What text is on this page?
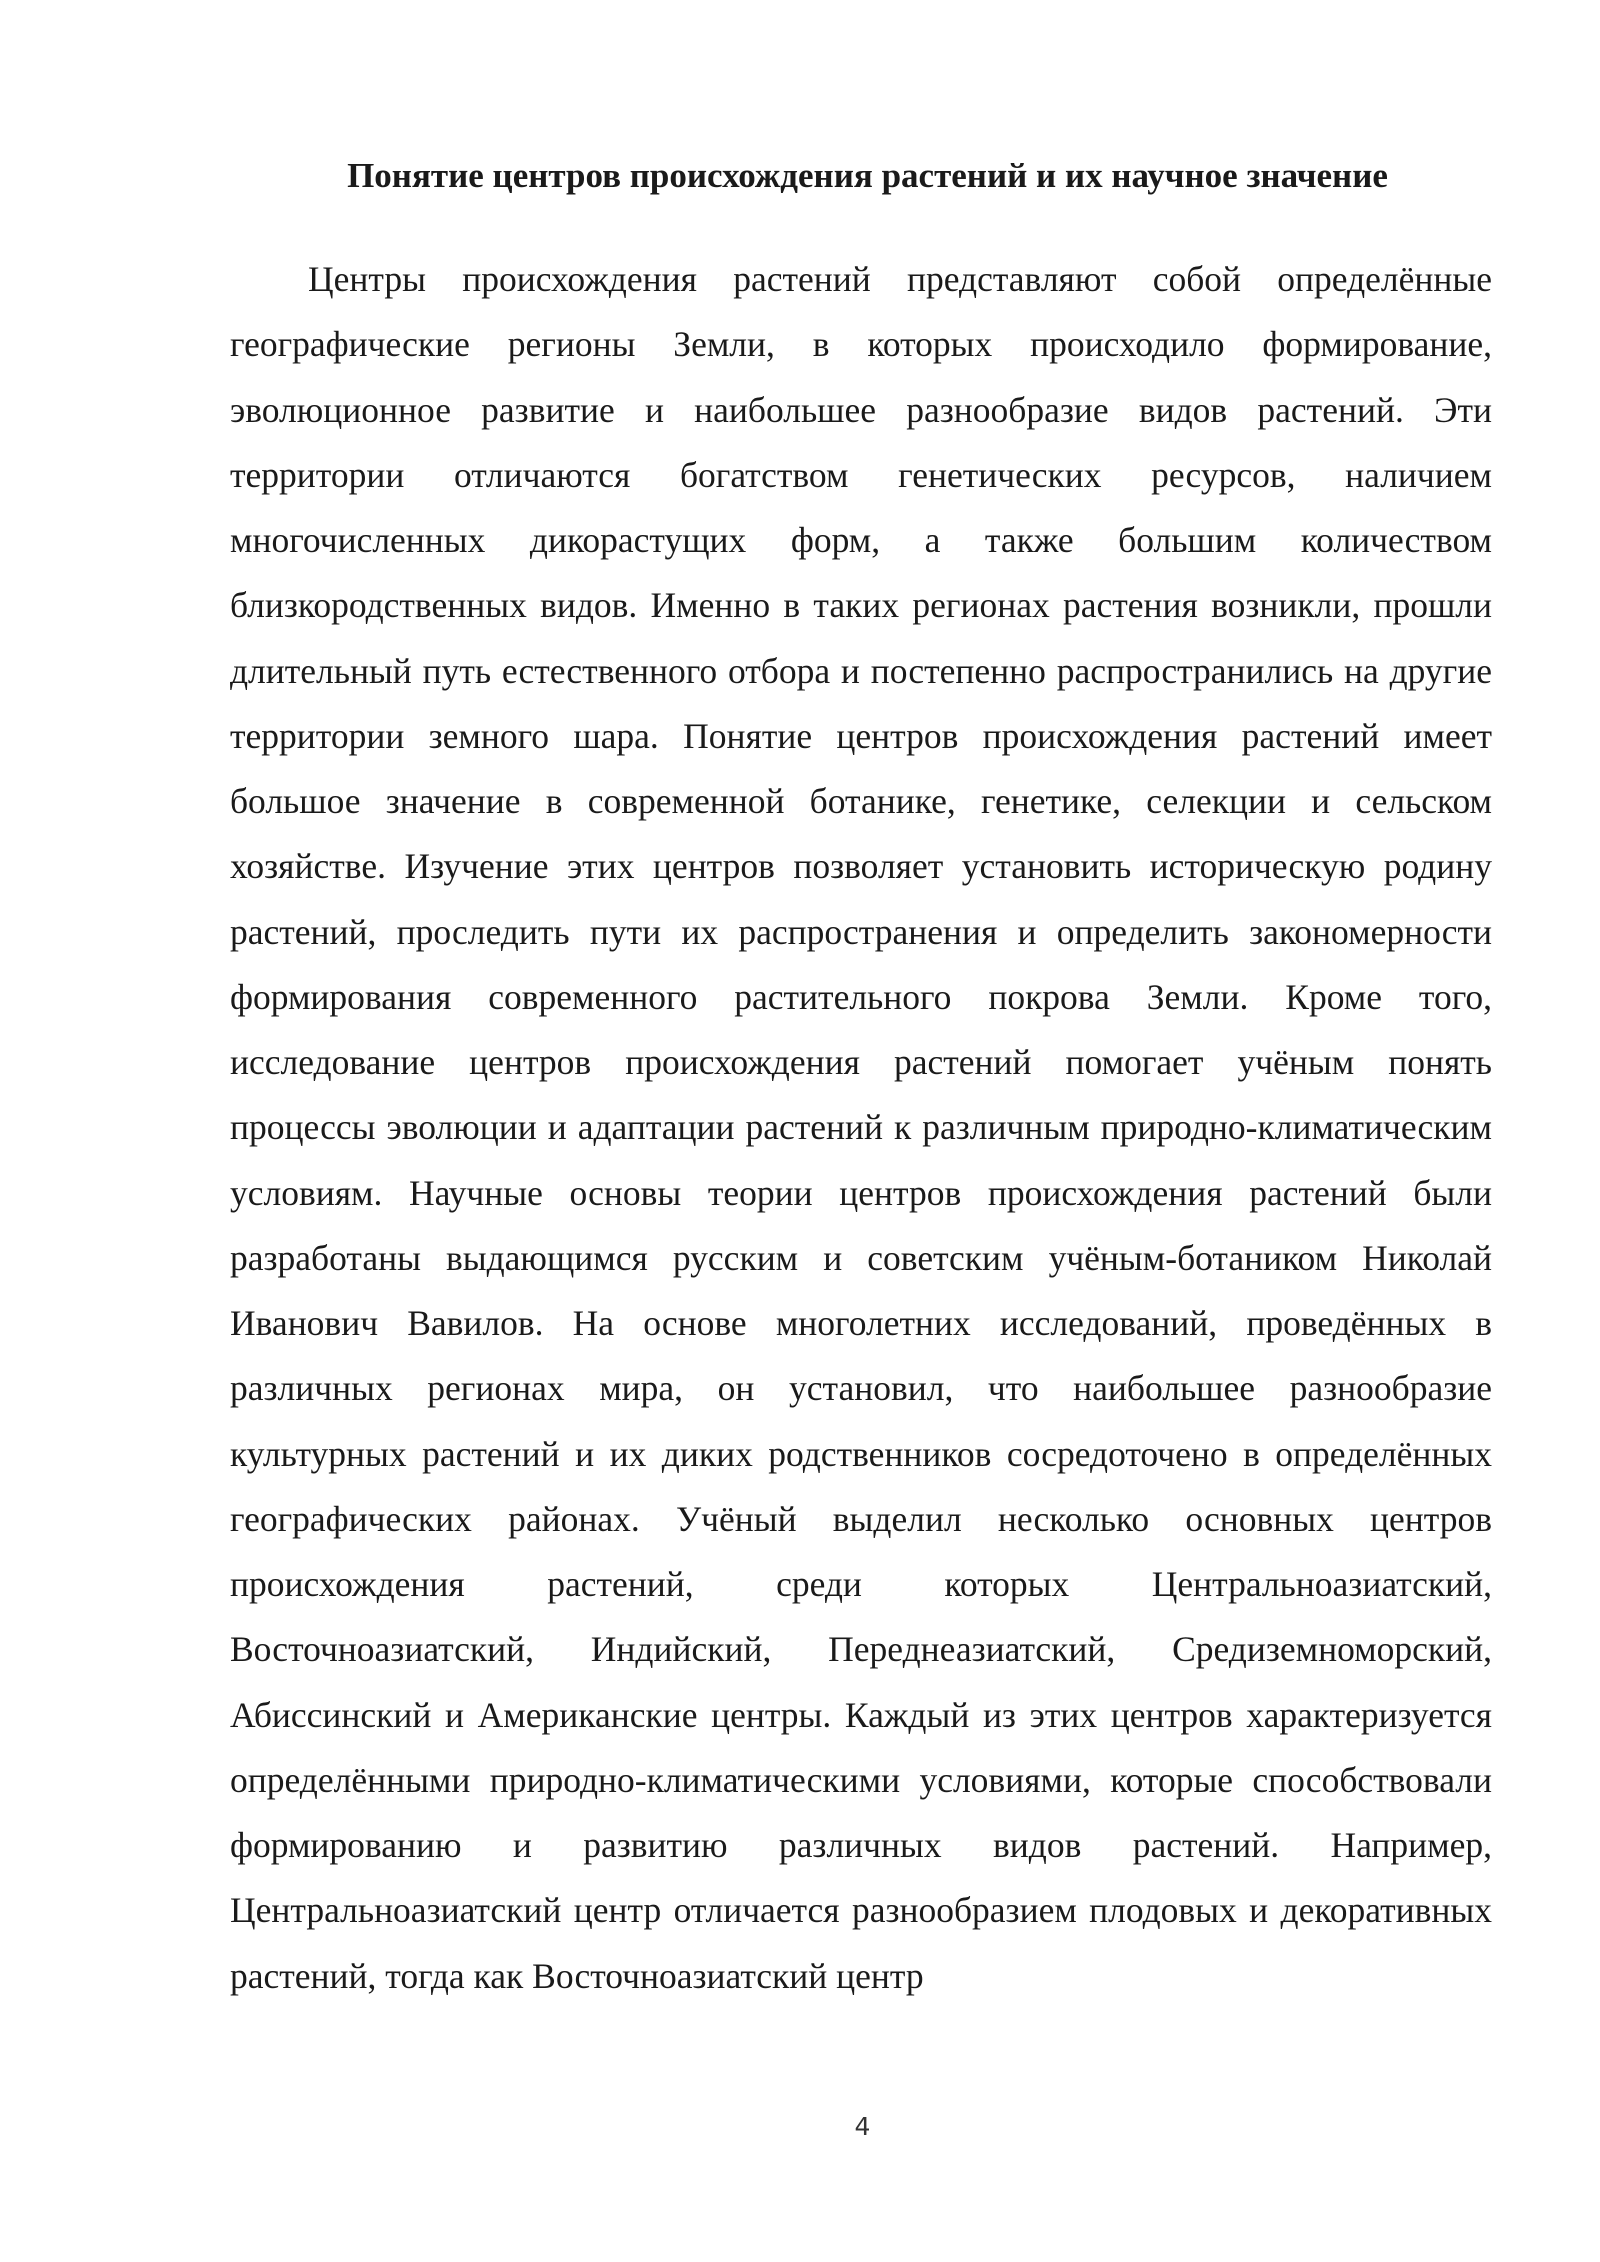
Понятие центров происхождения растений и их научное значение

Центры происхождения растений представляют собой определённые географические регионы Земли, в которых происходило формирование, эволюционное развитие и наибольшее разнообразие видов растений. Эти территории отличаются богатством генетических ресурсов, наличием многочисленных дикорастущих форм, а также большим количеством близкородственных видов. Именно в таких регионах растения возникли, прошли длительный путь естественного отбора и постепенно распространились на другие территории земного шара. Понятие центров происхождения растений имеет большое значение в современной ботанике, генетике, селекции и сельском хозяйстве. Изучение этих центров позволяет установить историческую родину растений, проследить пути их распространения и определить закономерности формирования современного растительного покрова Земли. Кроме того, исследование центров происхождения растений помогает учёным понять процессы эволюции и адаптации растений к различным природно-климатическим условиям. Научные основы теории центров происхождения растений были разработаны выдающимся русским и советским учёным-ботаником Николай Иванович Вавилов. На основе многолетних исследований, проведённых в различных регионах мира, он установил, что наибольшее разнообразие культурных растений и их диких родственников сосредоточено в определённых географических районах. Учёный выделил несколько основных центров происхождения растений, среди которых Центральноазиатский, Восточноазиатский, Индийский, Переднеазиатский, Средиземноморский, Абиссинский и Американские центры. Каждый из этих центров характеризуется определёнными природно-климатическими условиями, которые способствовали формированию и развитию различных видов растений. Например, Центральноазиатский центр отличается разнообразием плодовых и декоративных растений, тогда как Восточноазиатский центр

4
